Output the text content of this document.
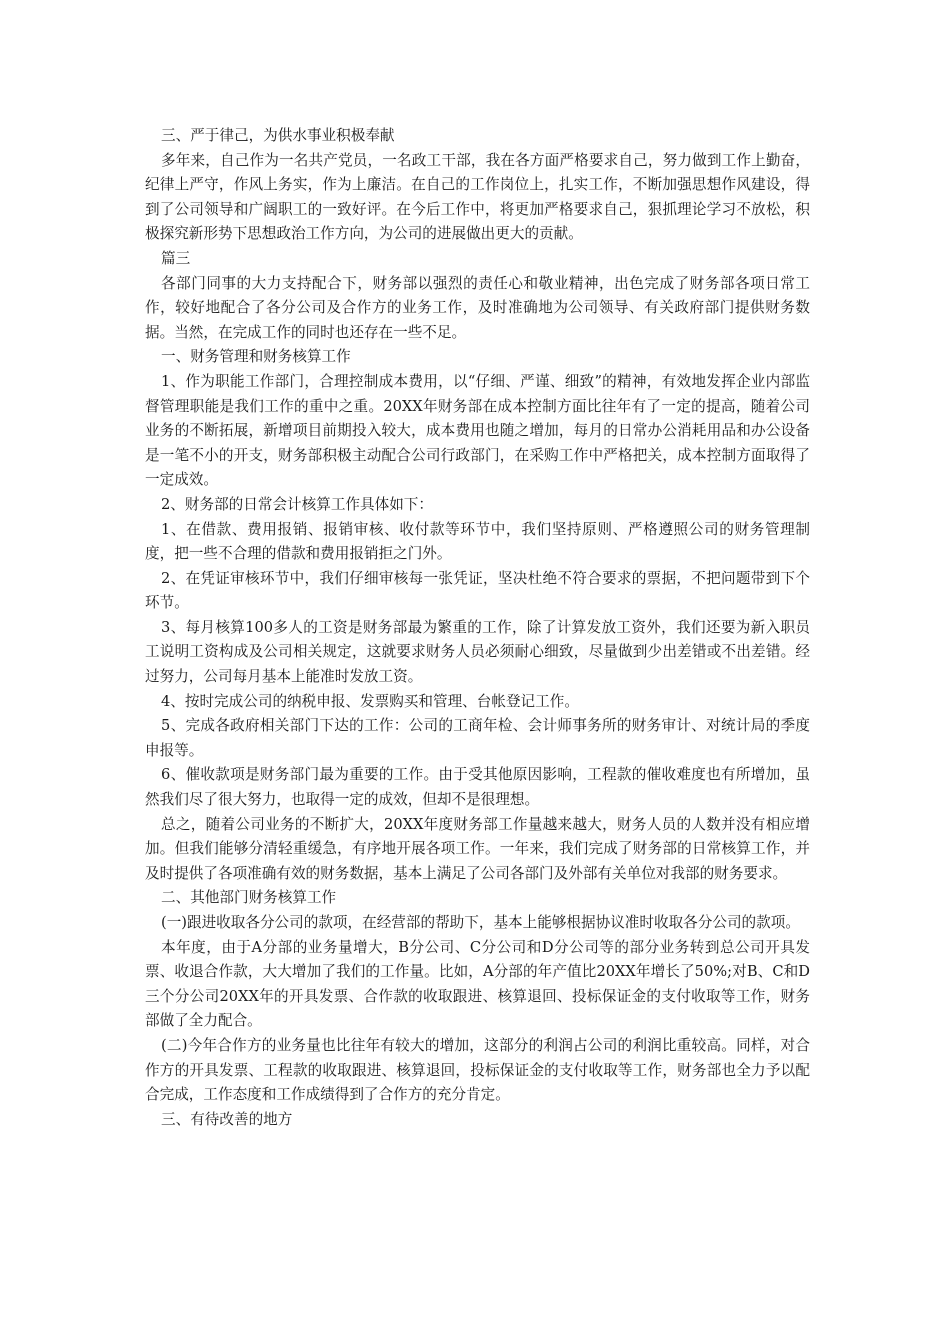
三、严于律己，为供水事业积极奉献

多年来，自己作为一名共产党员，一名政工干部，我在各方面严格要求自己，努力做到工作上勤奋，纪律上严守，作风上务实，作为上廉洁。在自己的工作岗位上，扎实工作，不断加强思想作风建设，得到了公司领导和广阔职工的一致好评。在今后工作中，将更加严格要求自己，狠抓理论学习不放松，积极探究新形势下思想政治工作方向，为公司的进展做出更大的贡献。

篇三

各部门同事的大力支持配合下，财务部以强烈的责任心和敬业精神，出色完成了财务部各项日常工作，较好地配合了各分公司及合作方的业务工作，及时准确地为公司领导、有关政府部门提供财务数据。当然，在完成工作的同时也还存在一些不足。

一、财务管理和财务核算工作

1、作为职能工作部门，合理控制成本费用，以“仔细、严谨、细致”的精神，有效地发挥企业内部监督管理职能是我们工作的重中之重。20XX年财务部在成本控制方面比往年有了一定的提高，随着公司业务的不断拓展，新增项目前期投入较大，成本费用也随之增加，每月的日常办公消耗用品和办公设备是一笔不小的开支，财务部积极主动配合公司行政部门，在采购工作中严格把关，成本控制方面取得了一定成效。

2、财务部的日常会计核算工作具体如下：

1、在借款、费用报销、报销审核、收付款等环节中，我们坚持原则、严格遵照公司的财务管理制度，把一些不合理的借款和费用报销拒之门外。

2、在凭证审核环节中，我们仔细审核每一张凭证，坚决杜绝不符合要求的票据，不把问题带到下个环节。

3、每月核算100多人的工资是财务部最为繁重的工作，除了计算发放工资外，我们还要为新入职员工说明工资构成及公司相关规定，这就要求财务人员必须耐心细致，尽量做到少出差错或不出差错。经过努力，公司每月基本上能准时发放工资。

4、按时完成公司的纳税申报、发票购买和管理、台帐登记工作。

5、完成各政府相关部门下达的工作：公司的工商年检、会计师事务所的财务审计、对统计局的季度申报等。

6、催收款项是财务部门最为重要的工作。由于受其他原因影响，工程款的催收难度也有所增加，虽然我们尽了很大努力，也取得一定的成效，但却不是很理想。

总之，随着公司业务的不断扩大，20XX年度财务部工作量越来越大，财务人员的人数并没有相应增加。但我们能够分清轻重缓急，有序地开展各项工作。一年来，我们完成了财务部的日常核算工作，并及时提供了各项准确有效的财务数据，基本上满足了公司各部门及外部有关单位对我部的财务要求。

二、其他部门财务核算工作

(一)跟进收取各分公司的款项，在经营部的帮助下，基本上能够根据协议准时收取各分公司的款项。

本年度，由于A分部的业务量增大，B分公司、C分公司和D分公司等的部分业务转到总公司开具发票、收退合作款，大大增加了我们的工作量。比如，A分部的年产值比20XX年增长了50%;对B、C和D三个分公司20XX年的开具发票、合作款的收取跟进、核算退回、投标保证金的支付收取等工作，财务部做了全力配合。

(二)今年合作方的业务量也比往年有较大的增加，这部分的利润占公司的利润比重较高。同样，对合作方的开具发票、工程款的收取跟进、核算退回，投标保证金的支付收取等工作，财务部也全力予以配合完成，工作态度和工作成绩得到了合作方的充分肯定。

三、有待改善的地方
